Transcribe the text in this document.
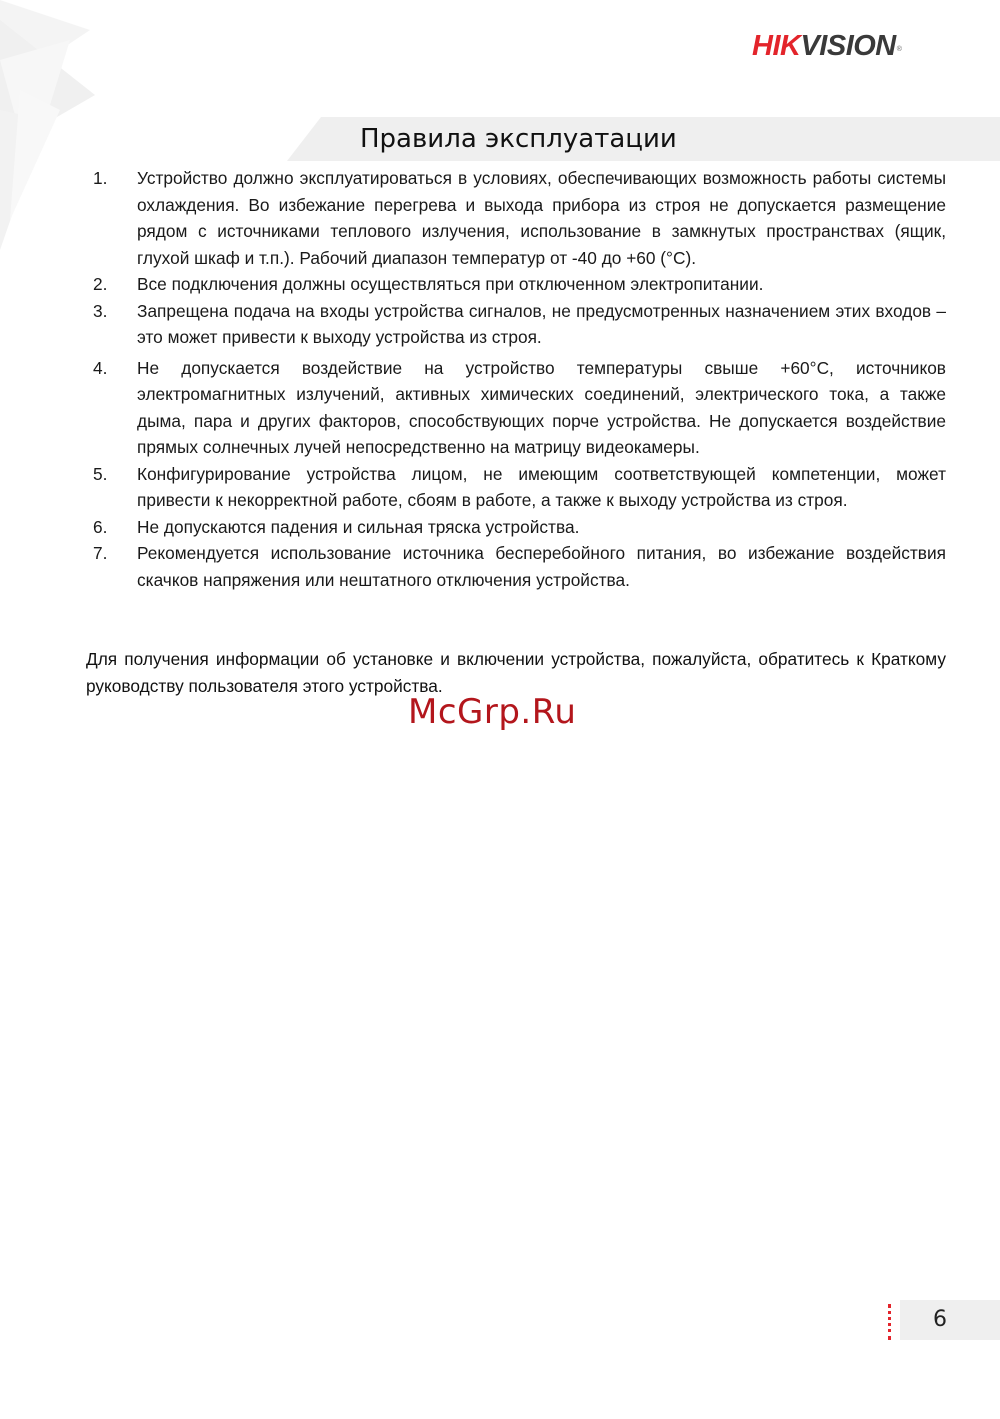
HIKVISION®
Правила эксплуатации
1. Устройство должно эксплуатироваться в условиях, обеспечивающих возможность работы системы охлаждения. Во избежание перегрева и выхода прибора из строя не допускается размещение рядом с источниками теплового излучения, использование в замкнутых пространствах (ящик, глухой шкаф и т.п.). Рабочий диапазон температур от -40 до +60 (°С).
2. Все подключения должны осуществляться при отключенном электропитании.
3. Запрещена подача на входы устройства сигналов, не предусмотренных назначением этих входов – это может привести к выходу устройства из строя.
4. Не допускается воздействие на устройство температуры свыше +60°С, источников электромагнитных излучений, активных химических соединений, электрического тока, а также дыма, пара и других факторов, способствующих порче устройства. Не допускается воздействие прямых солнечных лучей непосредственно на матрицу видеокамеры.
5. Конфигурирование устройства лицом, не имеющим соответствующей компетенции, может привести к некорректной работе, сбоям в работе, а также к выходу устройства из строя.
6. Не допускаются падения и сильная тряска устройства.
7. Рекомендуется использование источника бесперебойного питания, во избежание воздействия скачков напряжения или нештатного отключения устройства.

Для получения информации об установке и включении устройства, пожалуйста, обратитесь к Краткому руководству пользователя этого устройства.

McGrp.Ru
6
